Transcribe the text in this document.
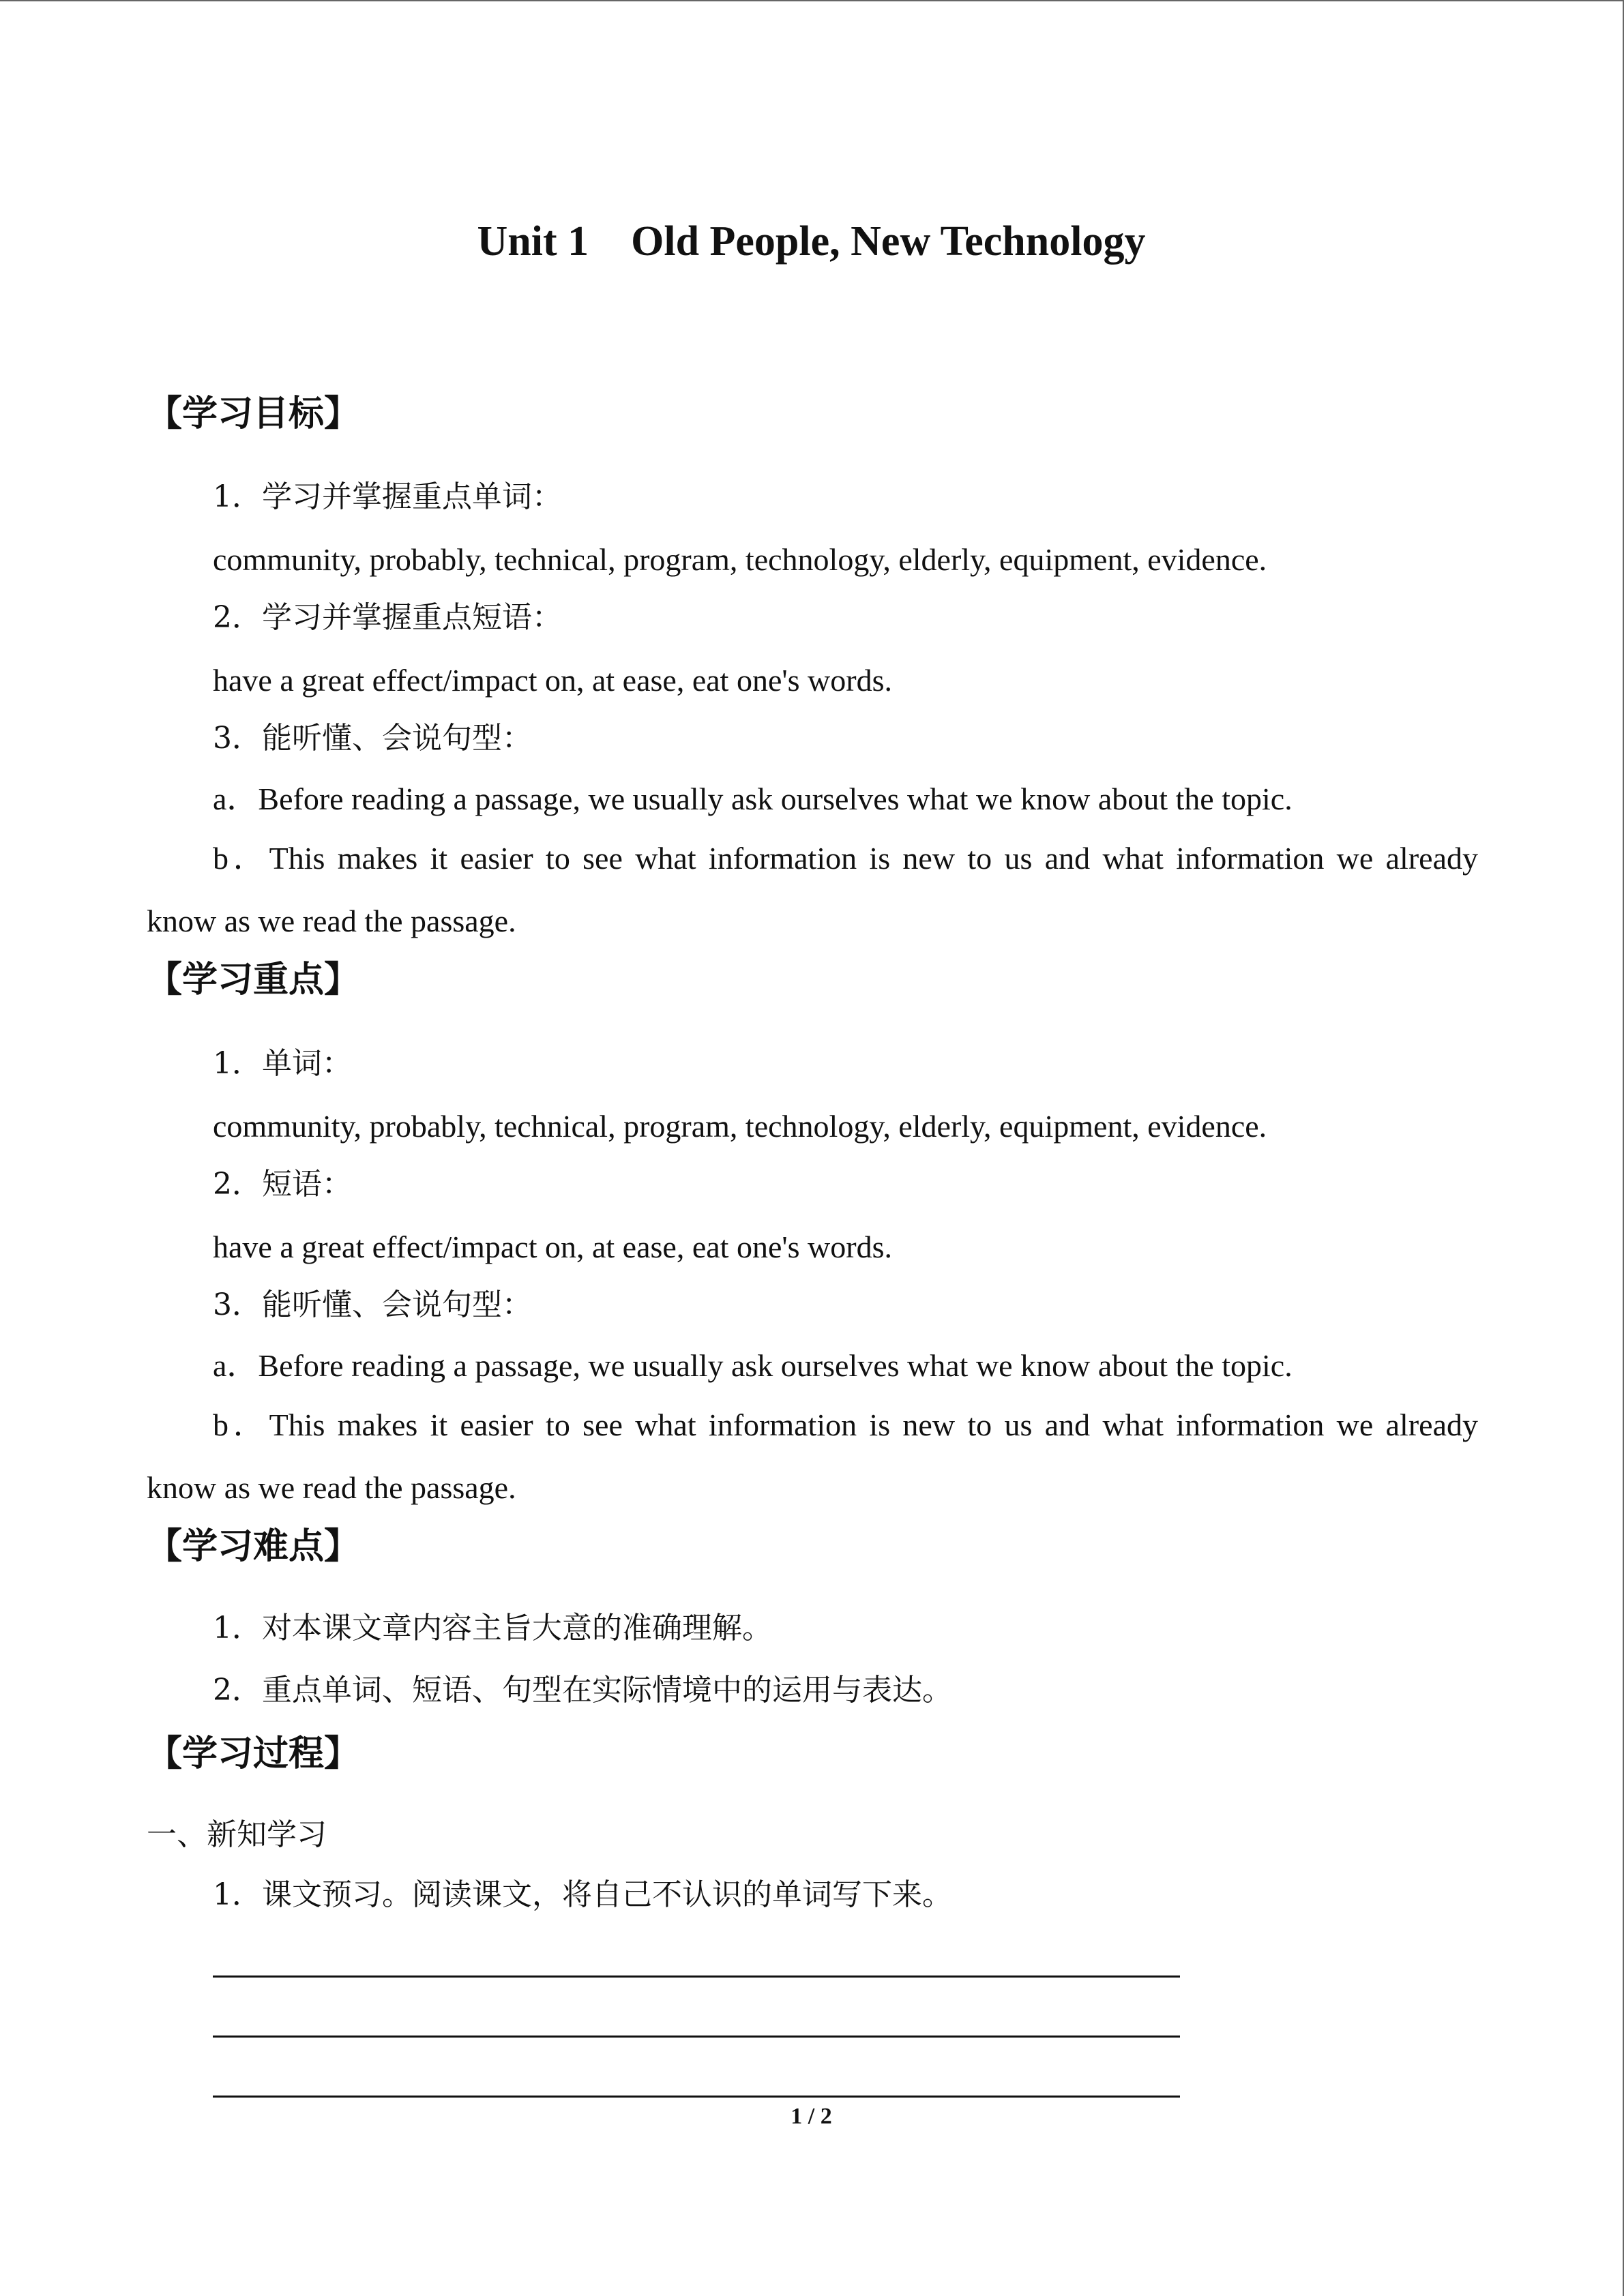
Unit 1    Old People, New Technology
【学习目标】
1．学习并掌握重点单词：
community, probably, technical, program, technology, elderly, equipment, evidence.
2．学习并掌握重点短语：
have a great effect/impact on, at ease, eat one's words.
3．能听懂、会说句型：
a．Before reading a passage, we usually ask ourselves what we know about the topic.
b．This makes it easier to see what information is new to us and what information we already
know as we read the passage.
【学习重点】
1．单词：
community, probably, technical, program, technology, elderly, equipment, evidence.
2．短语：
have a great effect/impact on, at ease, eat one's words.
3．能听懂、会说句型：
a．Before reading a passage, we usually ask ourselves what we know about the topic.
b．This makes it easier to see what information is new to us and what information we already
know as we read the passage.
【学习难点】
1．对本课文章内容主旨大意的准确理解。
2．重点单词、短语、句型在实际情境中的运用与表达。
【学习过程】
一、新知学习
1．课文预习。阅读课文，将自己不认识的单词写下来。
1 / 2
